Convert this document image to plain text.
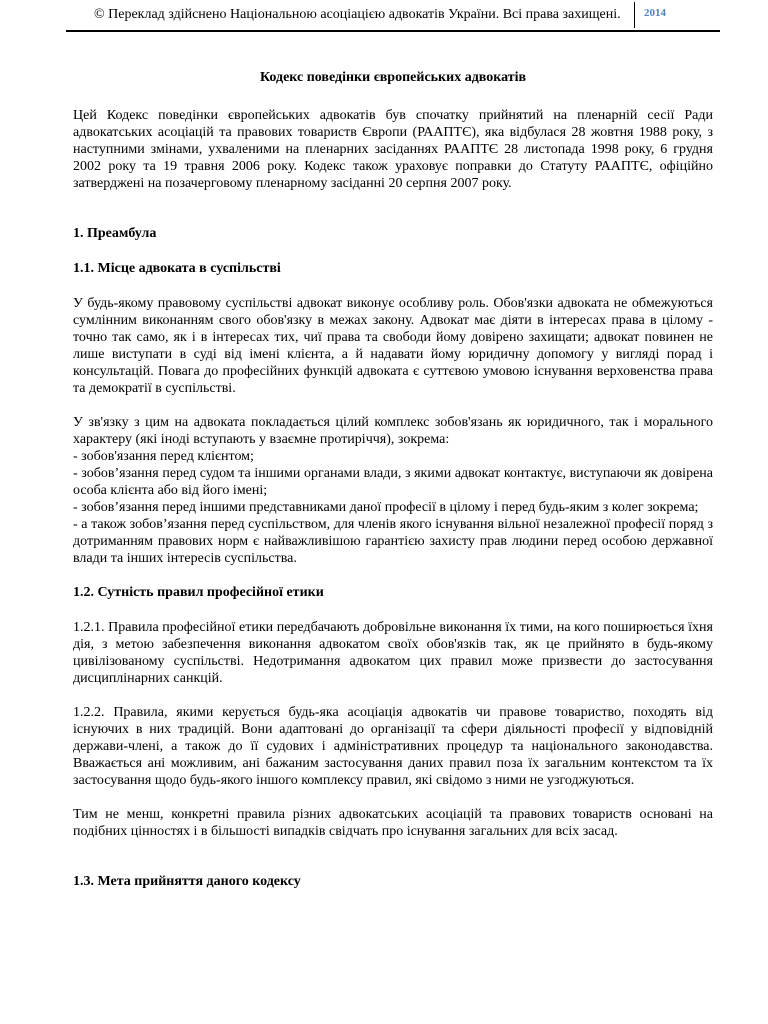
© Переклад здійснено Національною асоціацією адвокатів України. Всі права захищені.	2014
Кодекс поведінки європейських адвокатів

Цей Кодекс поведінки європейських адвокатів був спочатку прийнятий на пленарній сесії Ради адвокатських асоціацій та правових товариств Європи (РААПТЄ), яка відбулася 28 жовтня 1988 року, з наступними змінами, ухваленими на пленарних засіданнях РААПТЄ 28 листопада 1998 року, 6 грудня 2002 року та 19 травня 2006 року. Кодекс також ураховує поправки до Статуту РААПТЄ, офіційно затверджені на позачерговому пленарному засіданні 20 серпня 2007 року.

1. Преамбула
1.1. Місце адвоката в суспільстві

У будь-якому правовому суспільстві адвокат виконує особливу роль. Обов'язки адвоката не обмежуються сумлінним виконанням свого обов'язку в межах закону. Адвокат має діяти в інтересах права в цілому - точно так само, як і в інтересах тих, чиї права та свободи йому довірено захищати; адвокат повинен не лише виступати в суді від імені клієнта, а й надавати йому юридичну допомогу у вигляді порад і консультацій. Повага до професійних функцій адвоката є суттєвою умовою існування верховенства права та демократії в суспільстві.

У зв'язку з цим на адвоката покладається цілий комплекс зобов'язань як юридичного, так і морального характеру (які іноді вступають у взаємне протиріччя), зокрема:

- зобов'язання перед клієнтом;

- зобов’язання перед судом та іншими органами влади, з якими адвокат контактує, виступаючи як довірена особа клієнта або від його імені;

- зобов’язання перед іншими представниками даної професії в цілому і перед будь-яким з колег зокрема;

- а також зобов’язання перед суспільством, для членів якого існування вільної незалежної професії поряд з дотриманням правових норм є найважливішою гарантією захисту прав людини перед особою державної влади та інших інтересів суспільства.

1.2. Сутність правил професійної етики

1.2.1. Правила професійної етики передбачають добровільне виконання їх тими, на кого поширюється їхня дія, з метою забезпечення виконання адвокатом своїх обов'язків так, як це прийнято в будь-якому цивілізованому суспільстві. Недотримання адвокатом цих правил може призвести до застосування дисциплінарних санкцій.

1.2.2. Правила, якими керується будь-яка асоціація адвокатів чи правове товариство, походять від існуючих в них традицій. Вони адаптовані до організації та сфери діяльності професії у відповідній держави-члені, а також до її судових і адміністративних процедур та національного законодавства. Вважається ані можливим, ані бажаним застосування даних правил поза їх загальним контекстом та їх застосування щодо будь-якого іншого комплексу правил, які свідомо з ними не узгоджуються.

Тим не менш, конкретні правила різних адвокатських асоціацій та правових товариств основані на подібних цінностях і в більшості випадків свідчать про існування загальних для всіх засад.

1.3. Мета прийняття даного кодексу
